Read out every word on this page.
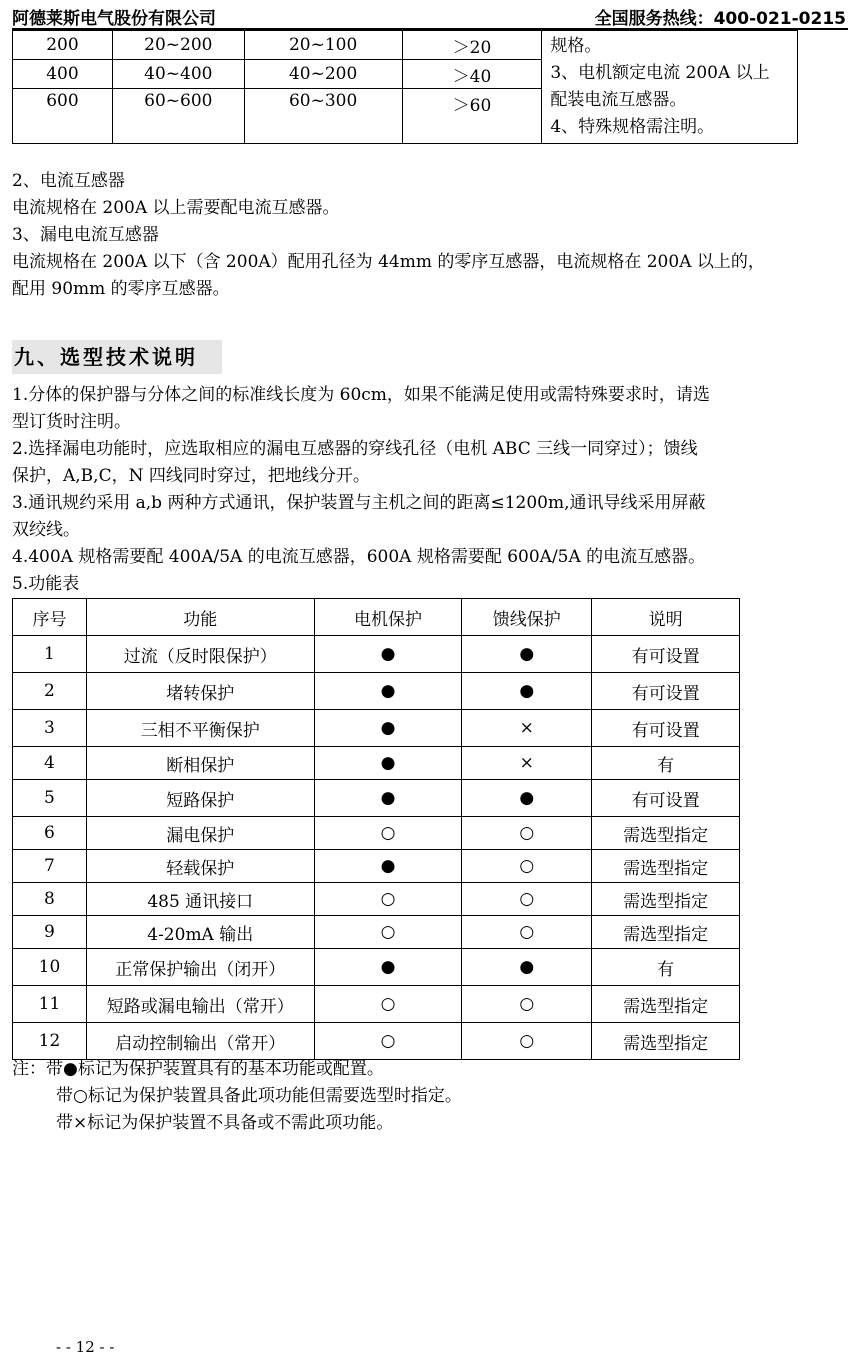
阿德莱斯电气股份有限公司	全国服务热线：400-021-0215
200	20~200	20~100	＞20	规格。
3、电机额定电流 200A 以上
配装电流互感器。
4、特殊规格需注明。

400	40~400	40~200	＞40	
600	60~600	60~300	＞60	
2、电流互感器
电流规格在 200A 以上需要配电流互感器。
3、漏电电流互感器
电流规格在 200A 以下（含 200A）配用孔径为 44mm 的零序互感器，电流规格在 200A 以上的，
配用 90mm 的零序互感器。
九、选型技术说明
1.分体的保护器与分体之间的标准线长度为 60cm，如果不能满足使用或需特殊要求时，请选
型订货时注明。
2.选择漏电功能时，应选取相应的漏电互感器的穿线孔径（电机 ABC 三线一同穿过）；馈线
保护，A,B,C，N 四线同时穿过，把地线分开。
3.通讯规约采用 a,b 两种方式通讯，保护装置与主机之间的距离≤1200m,通讯导线采用屏蔽
双绞线。
4.400A 规格需要配 400A/5A 的电流互感器，600A 规格需要配 600A/5A 的电流互感器。
5.功能表
序号	功能	电机保护	馈线保护	说明
1	过流（反时限保护）	●	●	有可设置
2	堵转保护	●	●	有可设置
3	三相不平衡保护	●	×	有可设置
4	断相保护	●	×	有
5	短路保护	●	●	有可设置
6	漏电保护	○	○	需选型指定
7	轻载保护	●	○	需选型指定
8	485 通讯接口	○	○	需选型指定
9	4-20mA 输出	○	○	需选型指定
10	正常保护输出（闭开）	●	●	有
11	短路或漏电输出（常开）	○	○	需选型指定
12	启动控制输出（常开）	○	○	需选型指定
注：带●标记为保护装置具有的基本功能或配置。
带○标记为保护装置具备此项功能但需要选型时指定。
带×标记为保护装置不具备或不需此项功能。
- - 12 - -
